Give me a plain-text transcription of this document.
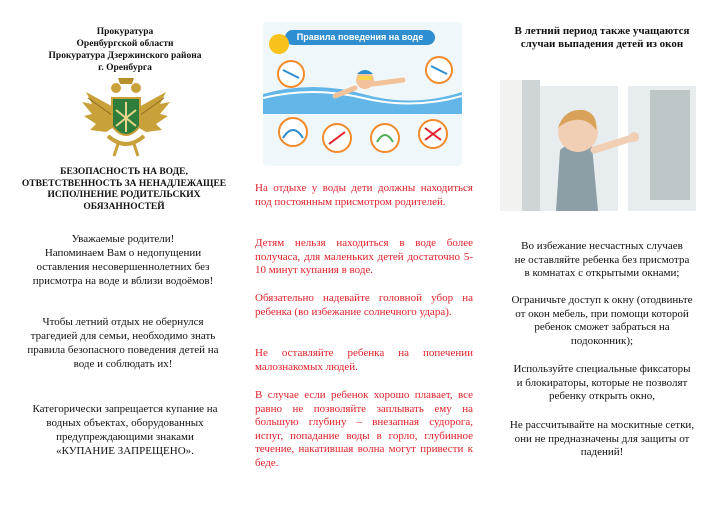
Прокуратура
Оренбургской области
Прокуратура Дзержинского района
г. Оренбурга
БЕЗОПАСНОСТЬ НА ВОДЕ,
ОТВЕТСТВЕННОСТЬ ЗА НЕНАДЛЕЖАЩЕЕ
ИСПОЛНЕНИЕ РОДИТЕЛЬСКИХ
ОБЯЗАННОСТЕЙ
Уважаемые родители!
Напоминаем Вам о недопущении
оставления несовершеннолетних без
присмотра на воде и вблизи водоёмов!
Чтобы летний отдых не обернулся
трагедией для семьи, необходимо знать
правила безопасного поведения детей на
воде и соблюдать их!
Категорически запрещается купание на
водных объектах, оборудованных
предупреждающими знаками
«КУПАНИЕ ЗАПРЕЩЕНО».
Правила поведения на воде
На отдыхе у воды дети должны находиться под постоянным присмотром родителей.
Детям нельзя находиться в воде более получаса, для маленьких детей достаточно 5-10 минут купания в воде.
Обязательно надевайте головной убор на ребенка (во избежание солнечного удара).
Не оставляйте ребенка на попечении малознакомых людей.
В случае если ребенок хорошо плавает, все равно не позволяйте заплывать ему на большую глубину – внезапная судорога, испуг, попадание воды в горло, глубинное течение, накатившая волна могут привести к беде.
В летний период также учащаются
случаи выпадения детей из окон
Во избежание несчастных случаев
не оставляйте ребенка без присмотра
в комнатах с открытыми окнами;
Ограничьте доступ к окну (отодвиньте
от окон мебель, при помощи которой
ребенок сможет забраться на
подоконник);
Используйте специальные фиксаторы
и блокираторы, которые не позволят
ребенку открыть окно,
Не рассчитывайте на москитные сетки,
они не предназначены для защиты от
падений!
